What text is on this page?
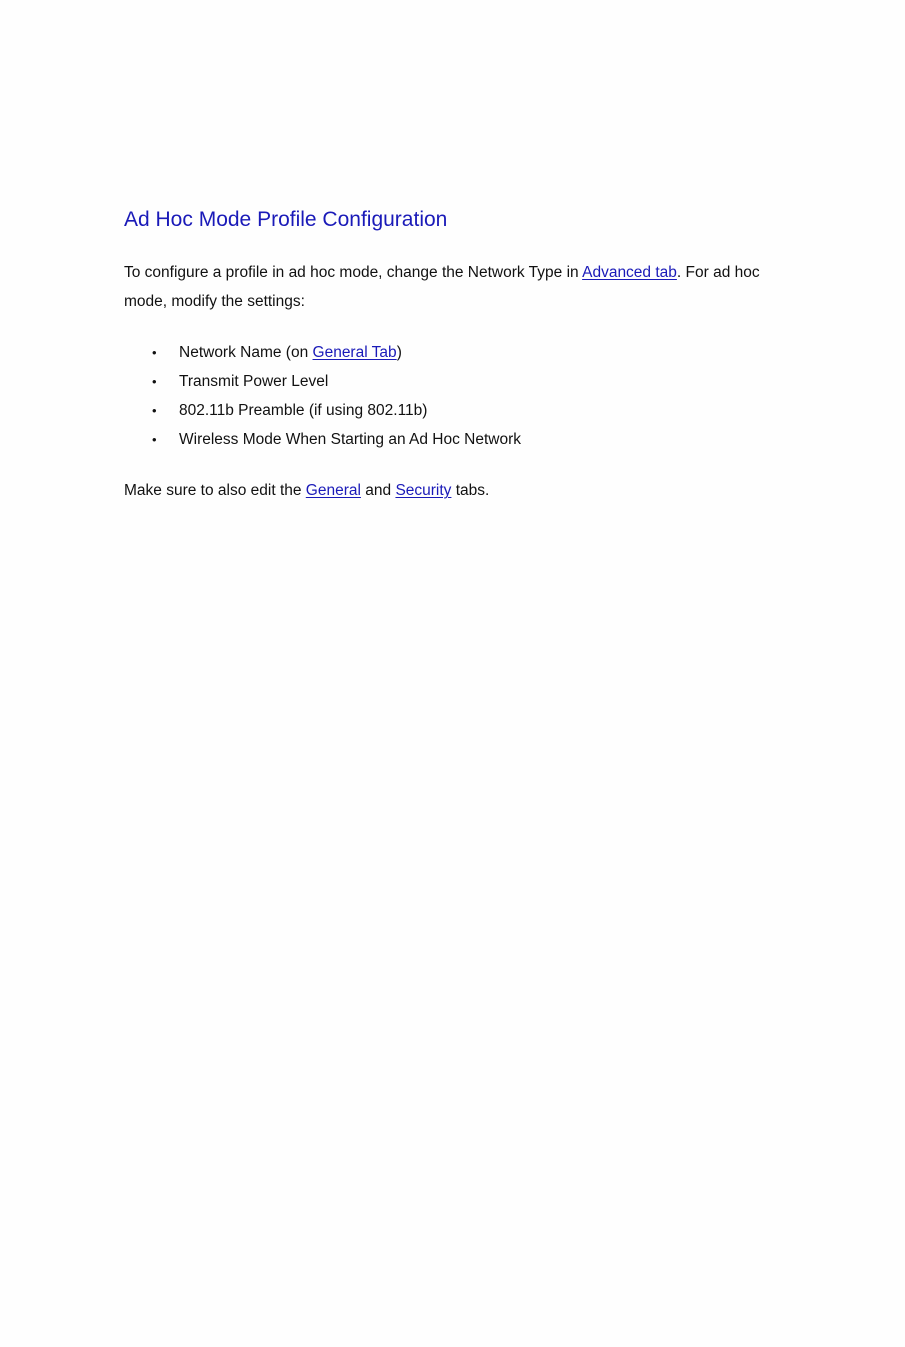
Ad Hoc Mode Profile Configuration

To configure a profile in ad hoc mode, change the Network Type in Advanced tab. For ad hoc mode, modify the settings:

• Network Name (on General Tab)
• Transmit Power Level
• 802.11b Preamble (if using 802.11b)
• Wireless Mode When Starting an Ad Hoc Network

Make sure to also edit the General and Security tabs.
